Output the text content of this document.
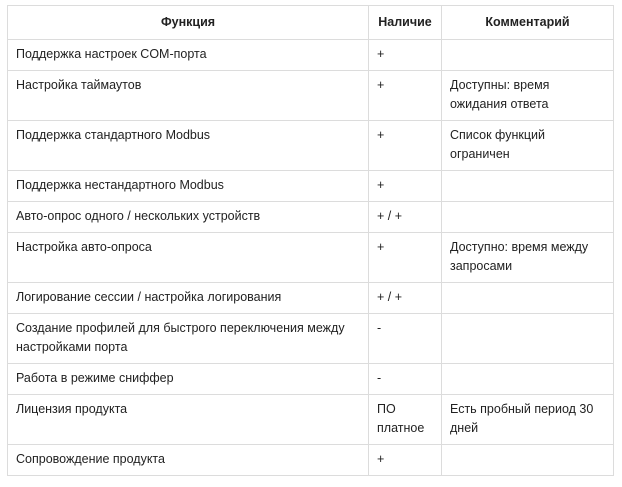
Функция	Наличие	Комментарий
Поддержка настроек COM-порта	+	
Настройка таймаутов	+	Доступны: время ожидания ответа
Поддержка стандартного Modbus	+	Список функций ограничен
Поддержка нестандартного Modbus	+	
Авто-опрос одного / нескольких устройств	+ / +	
Настройка авто-опроса	+	Доступно: время между запросами
Логирование сессии / настройка логирования	+ / +	
Создание профилей для быстрого переключения между настройками порта	-	
Работа в режиме сниффер	-	
Лицензия продукта	ПО платное	Есть пробный период 30 дней
Сопровождение продукта	+	
